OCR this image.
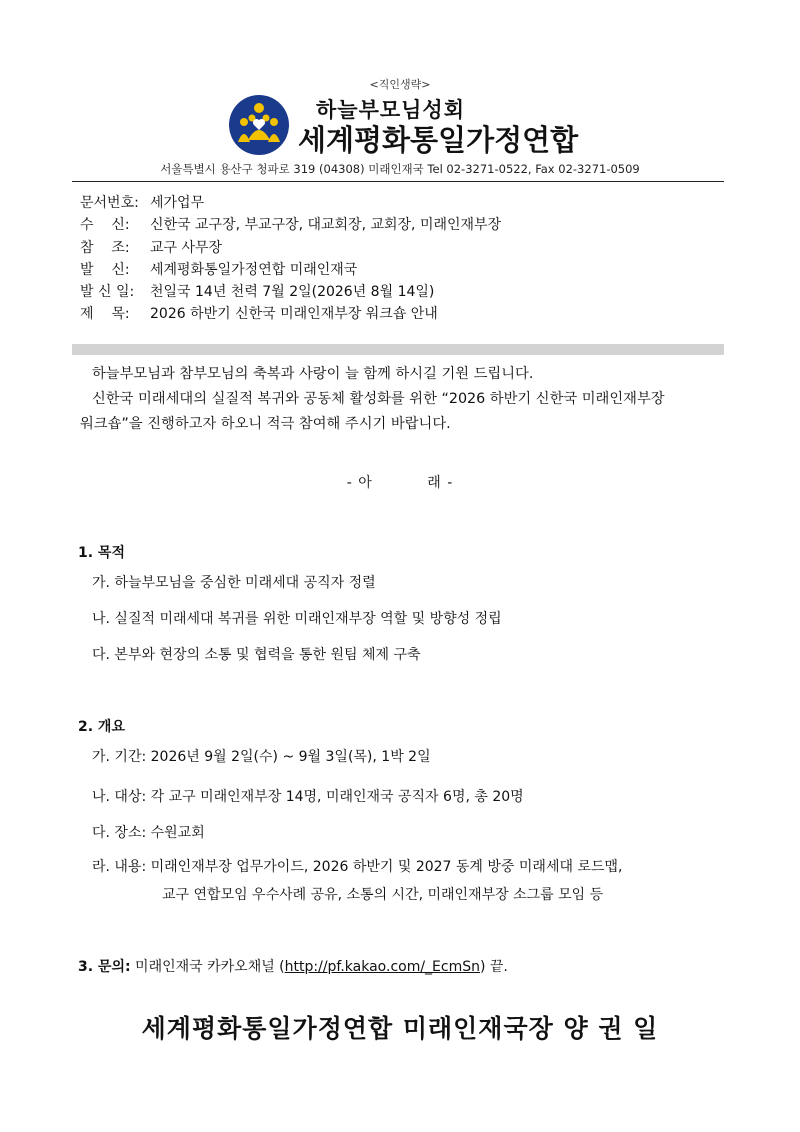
<직인생략>
하늘부모님성회
세계평화통일가정연합
서울특별시 용산구 청파로 319 (04308) 미래인재국 Tel 02-3271-0522, Fax 02-3271-0509
문서번호: 세가업무
수    신: 신한국 교구장, 부교구장, 대교회장, 교회장, 미래인재부장
참    조: 교구 사무장
발    신: 세계평화통일가정연합 미래인재국
발 신 일: 천일국 14년 천력 7월 2일(2026년 8월 14일)
제    목: 2026 하반기 신한국 미래인재부장 워크숍 안내

하늘부모님과 참부모님의 축복과 사랑이 늘 함께 하시길 기원 드립니다.

신한국 미래세대의 실질적 복귀와 공동체 활성화를 위한 “2026 하반기 신한국 미래인재부장

워크숍”을 진행하고자 하오니 적극 참여해 주시기 바랍니다.

- 아          래 -
1. 목적
가. 하늘부모님을 중심한 미래세대 공직자 정렬
나. 실질적 미래세대 복귀를 위한 미래인재부장 역할 및 방향성 정립
다. 본부와 현장의 소통 및 협력을 통한 원팀 체제 구축
2. 개요
가. 기간: 2026년 9월 2일(수) ~ 9월 3일(목), 1박 2일
나. 대상: 각 교구 미래인재부장 14명, 미래인재국 공직자 6명, 총 20명
다. 장소: 수원교회
라. 내용: 미래인재부장 업무가이드, 2026 하반기 및 2027 동계 방중 미래세대 로드맵,
교구 연합모임 우수사례 공유, 소통의 시간, 미래인재부장 소그룹 모임 등
3. 문의: 미래인재국 카카오채널 (http://pf.kakao.com/_EcmSn) 끝.
세계평화통일가정연합 미래인재국장 양 권 일
